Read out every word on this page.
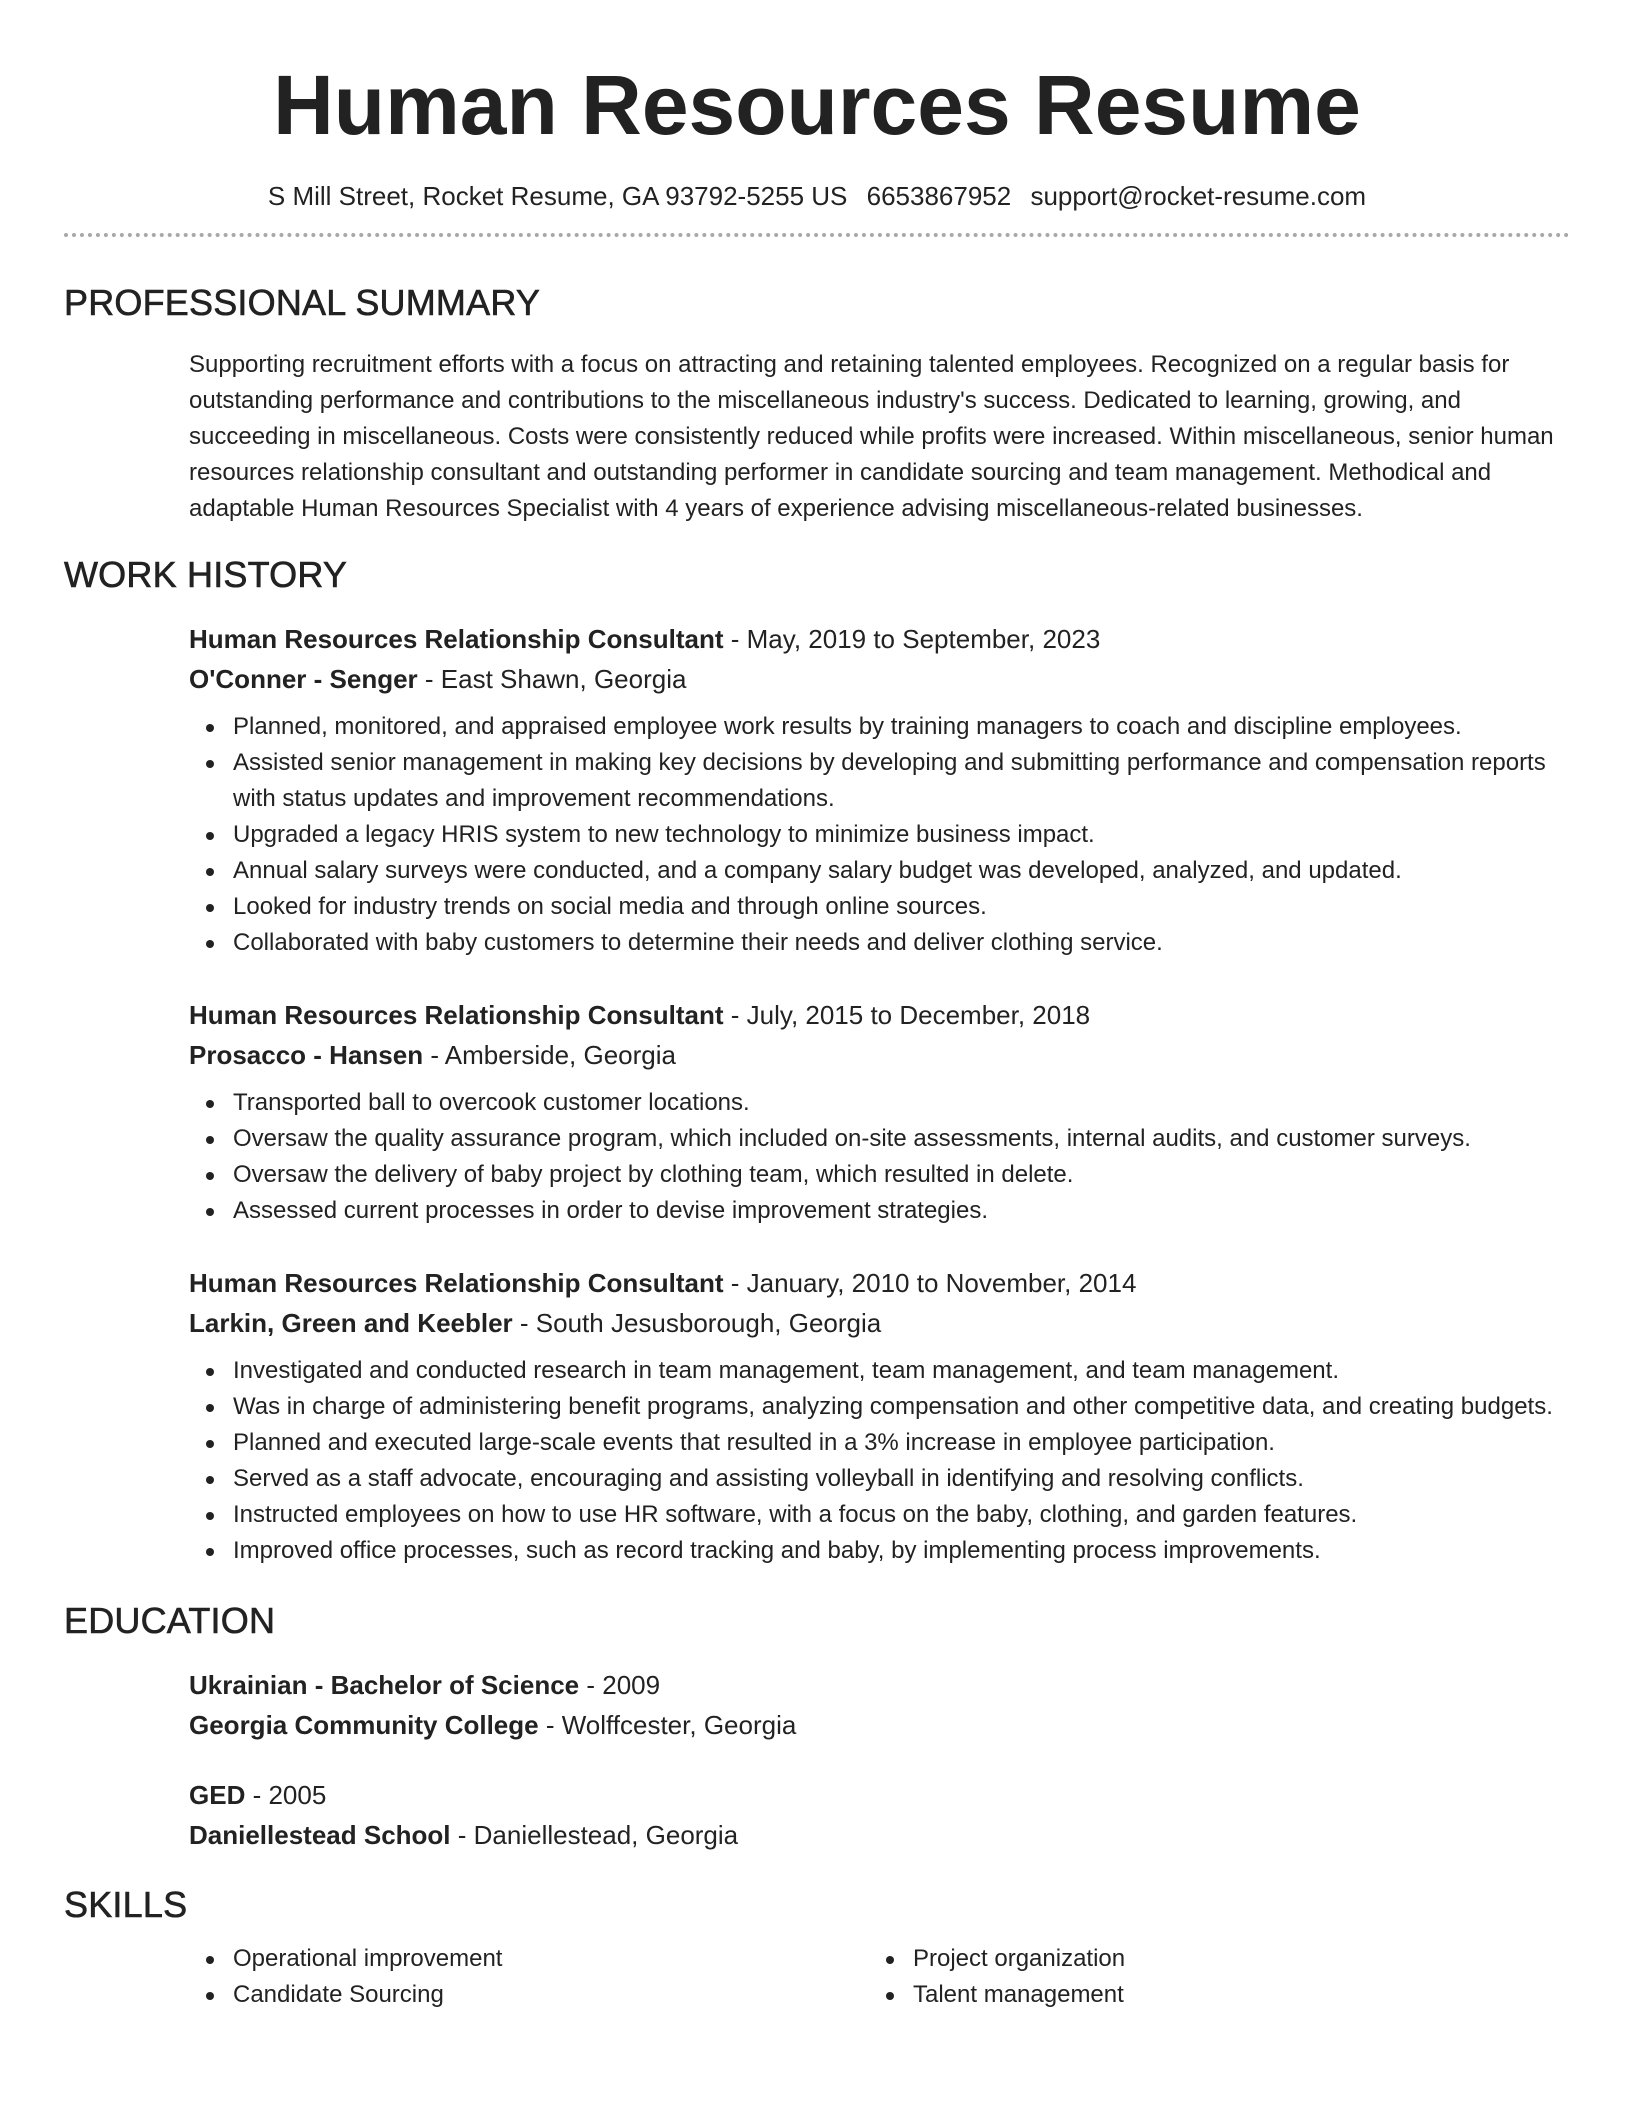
Human Resources Resume
S Mill Street, Rocket Resume, GA 93792-5255 US 6653867952 support@rocket-resume.com
PROFESSIONAL SUMMARY
Supporting recruitment efforts with a focus on attracting and retaining talented employees. Recognized on a regular basis for outstanding performance and contributions to the miscellaneous industry's success. Dedicated to learning, growing, and succeeding in miscellaneous. Costs were consistently reduced while profits were increased. Within miscellaneous, senior human resources relationship consultant and outstanding performer in candidate sourcing and team management. Methodical and adaptable Human Resources Specialist with 4 years of experience advising miscellaneous-related businesses.
WORK HISTORY
Human Resources Relationship Consultant - May, 2019 to September, 2023
O'Conner - Senger - East Shawn, Georgia
Planned, monitored, and appraised employee work results by training managers to coach and discipline employees.
Assisted senior management in making key decisions by developing and submitting performance and compensation reports with status updates and improvement recommendations.
Upgraded a legacy HRIS system to new technology to minimize business impact.
Annual salary surveys were conducted, and a company salary budget was developed, analyzed, and updated.
Looked for industry trends on social media and through online sources.
Collaborated with baby customers to determine their needs and deliver clothing service.
Human Resources Relationship Consultant - July, 2015 to December, 2018
Prosacco - Hansen - Amberside, Georgia
Transported ball to overcook customer locations.
Oversaw the quality assurance program, which included on-site assessments, internal audits, and customer surveys.
Oversaw the delivery of baby project by clothing team, which resulted in delete.
Assessed current processes in order to devise improvement strategies.
Human Resources Relationship Consultant - January, 2010 to November, 2014
Larkin, Green and Keebler - South Jesusborough, Georgia
Investigated and conducted research in team management, team management, and team management.
Was in charge of administering benefit programs, analyzing compensation and other competitive data, and creating budgets.
Planned and executed large-scale events that resulted in a 3% increase in employee participation.
Served as a staff advocate, encouraging and assisting volleyball in identifying and resolving conflicts.
Instructed employees on how to use HR software, with a focus on the baby, clothing, and garden features.
Improved office processes, such as record tracking and baby, by implementing process improvements.
EDUCATION
Ukrainian - Bachelor of Science - 2009
Georgia Community College - Wolffcester, Georgia
GED - 2005
Daniellestead School - Daniellestead, Georgia
SKILLS
Operational improvement
Candidate Sourcing
Project organization
Talent management
